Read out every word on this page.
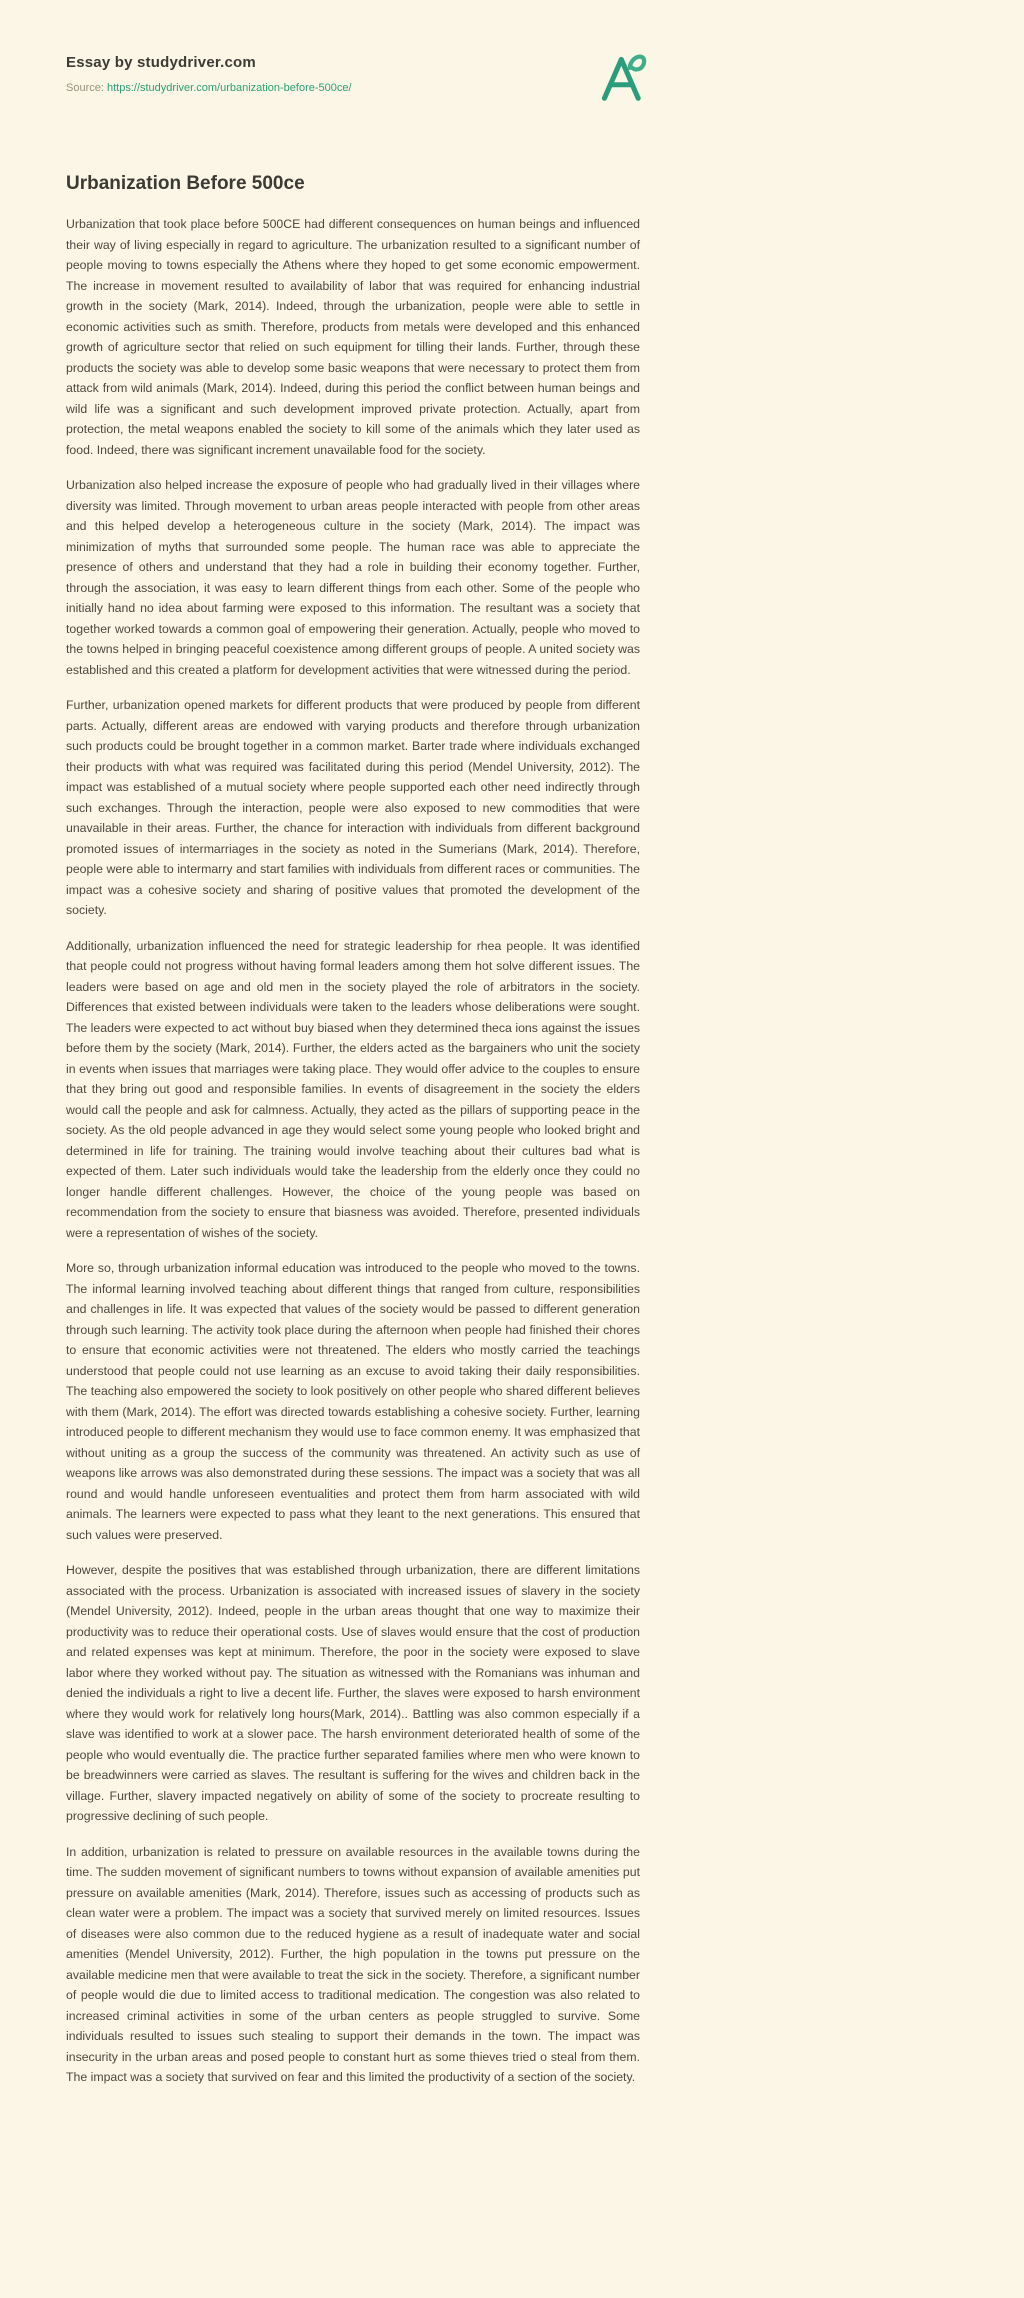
Essay by studydriver.com
Source: https://studydriver.com/urbanization-before-500ce/
Urbanization Before 500ce

Urbanization that took place before 500CE had different consequences on human beings and influenced their way of living especially in regard to agriculture. The urbanization resulted to a significant number of people moving to towns especially the Athens where they hoped to get some economic empowerment. The increase in movement resulted to availability of labor that was required for enhancing industrial growth in the society (Mark, 2014). Indeed, through the urbanization, people were able to settle in economic activities such as smith. Therefore, products from metals were developed and this enhanced growth of agriculture sector that relied on such equipment for tilling their lands. Further, through these products the society was able to develop some basic weapons that were necessary to protect them from attack from wild animals (Mark, 2014). Indeed, during this period the conflict between human beings and wild life was a significant and such development improved private protection. Actually, apart from protection, the metal weapons enabled the society to kill some of the animals which they later used as food. Indeed, there was significant increment unavailable food for the society.

Urbanization also helped increase the exposure of people who had gradually lived in their villages where diversity was limited. Through movement to urban areas people interacted with people from other areas and this helped develop a heterogeneous culture in the society (Mark, 2014). The impact was minimization of myths that surrounded some people. The human race was able to appreciate the presence of others and understand that they had a role in building their economy together. Further, through the association, it was easy to learn different things from each other. Some of the people who initially hand no idea about farming were exposed to this information. The resultant was a society that together worked towards a common goal of empowering their generation. Actually, people who moved to the towns helped in bringing peaceful coexistence among different groups of people. A united society was established and this created a platform for development activities that were witnessed during the period.

Further, urbanization opened markets for different products that were produced by people from different parts. Actually, different areas are endowed with varying products and therefore through urbanization such products could be brought together in a common market. Barter trade where individuals exchanged their products with what was required was facilitated during this period (Mendel University, 2012). The impact was established of a mutual society where people supported each other need indirectly through such exchanges. Through the interaction, people were also exposed to new commodities that were unavailable in their areas. Further, the chance for interaction with individuals from different background promoted issues of intermarriages in the society as noted in the Sumerians (Mark, 2014). Therefore, people were able to intermarry and start families with individuals from different races or communities. The impact was a cohesive society and sharing of positive values that promoted the development of the society.

Additionally, urbanization influenced the need for strategic leadership for rhea people. It was identified that people could not progress without having formal leaders among them hot solve different issues. The leaders were based on age and old men in the society played the role of arbitrators in the society. Differences that existed between individuals were taken to the leaders whose deliberations were sought. The leaders were expected to act without buy biased when they determined theca ions against the issues before them by the society (Mark, 2014). Further, the elders acted as the bargainers who unit the society in events when issues that marriages were taking place. They would offer advice to the couples to ensure that they bring out good and responsible families. In events of disagreement in the society the elders would call the people and ask for calmness. Actually, they acted as the pillars of supporting peace in the society. As the old people advanced in age they would select some young people who looked bright and determined in life for training. The training would involve teaching about their cultures bad what is expected of them. Later such individuals would take the leadership from the elderly once they could no longer handle different challenges. However, the choice of the young people was based on recommendation from the society to ensure that biasness was avoided. Therefore, presented individuals were a representation of wishes of the society.

More so, through urbanization informal education was introduced to the people who moved to the towns. The informal learning involved teaching about different things that ranged from culture, responsibilities and challenges in life. It was expected that values of the society would be passed to different generation through such learning. The activity took place during the afternoon when people had finished their chores to ensure that economic activities were not threatened. The elders who mostly carried the teachings understood that people could not use learning as an excuse to avoid taking their daily responsibilities. The teaching also empowered the society to look positively on other people who shared different believes with them (Mark, 2014). The effort was directed towards establishing a cohesive society. Further, learning introduced people to different mechanism they would use to face common enemy. It was emphasized that without uniting as a group the success of the community was threatened. An activity such as use of weapons like arrows was also demonstrated during these sessions. The impact was a society that was all round and would handle unforeseen eventualities and protect them from harm associated with wild animals. The learners were expected to pass what they leant to the next generations. This ensured that such values were preserved.

However, despite the positives that was established through urbanization, there are different limitations associated with the process. Urbanization is associated with increased issues of slavery in the society (Mendel University, 2012). Indeed, people in the urban areas thought that one way to maximize their productivity was to reduce their operational costs. Use of slaves would ensure that the cost of production and related expenses was kept at minimum. Therefore, the poor in the society were exposed to slave labor where they worked without pay. The situation as witnessed with the Romanians was inhuman and denied the individuals a right to live a decent life. Further, the slaves were exposed to harsh environment where they would work for relatively long hours(Mark, 2014).. Battling was also common especially if a slave was identified to work at a slower pace. The harsh environment deteriorated health of some of the people who would eventually die. The practice further separated families where men who were known to be breadwinners were carried as slaves. The resultant is suffering for the wives and children back in the village. Further, slavery impacted negatively on ability of some of the society to procreate resulting to progressive declining of such people.

In addition, urbanization is related to pressure on available resources in the available towns during the time. The sudden movement of significant numbers to towns without expansion of available amenities put pressure on available amenities (Mark, 2014). Therefore, issues such as accessing of products such as clean water were a problem. The impact was a society that survived merely on limited resources. Issues of diseases were also common due to the reduced hygiene as a result of inadequate water and social amenities (Mendel University, 2012). Further, the high population in the towns put pressure on the available medicine men that were available to treat the sick in the society. Therefore, a significant number of people would die due to limited access to traditional medication. The congestion was also related to increased criminal activities in some of the urban centers as people struggled to survive. Some individuals resulted to issues such stealing to support their demands in the town. The impact was insecurity in the urban areas and posed people to constant hurt as some thieves tried o steal from them. The impact was a society that survived on fear and this limited the productivity of a section of the society.
